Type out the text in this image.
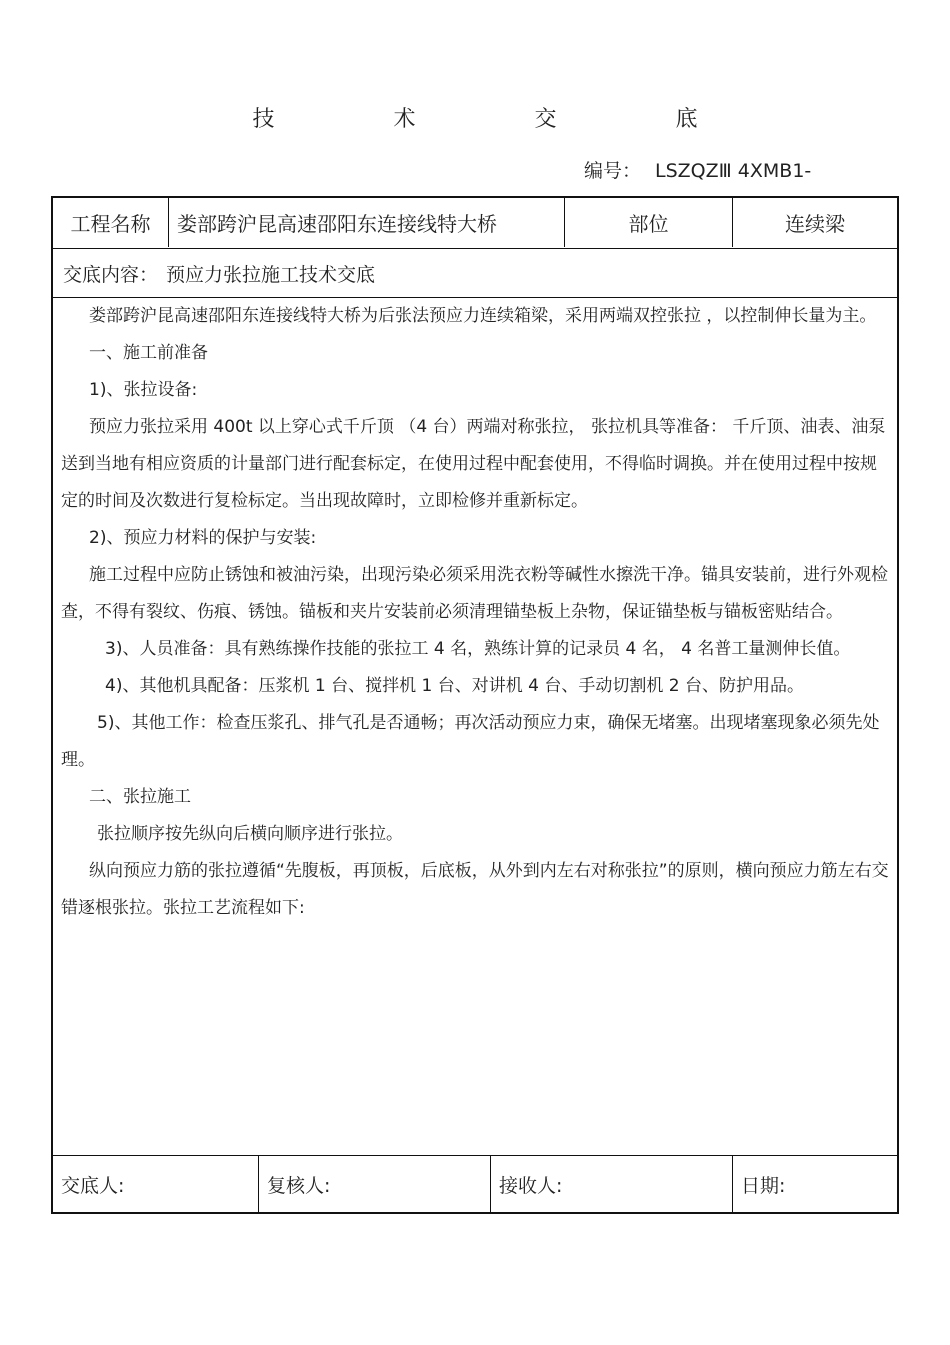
技 术 交 底
编号： LSZQZⅢ 4XMB1-
工程名称	娄部跨沪昆高速邵阳东连接线特大桥	部位	连续梁
交底内容： 预应力张拉施工技术交底

娄部跨沪昆高速邵阳东连接线特大桥为后张法预应力连续箱梁，采用两端双控张拉 ，以控制伸长量为主。

一、施工前准备

1)、张拉设备:

预应力张拉采用 400t 以上穿心式千斤顶 （4 台）两端对称张拉， 张拉机具等准备： 千斤顶、油表、油泵送到当地有相应资质的计量部门进行配套标定，在使用过程中配套使用，不得临时调换。并在使用过程中按规定的时间及次数进行复检标定。当出现故障时，立即检修并重新标定。

2)、预应力材料的保护与安装:

施工过程中应防止锈蚀和被油污染，出现污染必须采用洗衣粉等碱性水擦洗干净。锚具安装前，进行外观检查，不得有裂纹、伤痕、锈蚀。锚板和夹片安装前必须清理锚垫板上杂物，保证锚垫板与锚板密贴结合。

3)、人员准备：具有熟练操作技能的张拉工 4 名，熟练计算的记录员 4 名， 4 名普工量测伸长值。

4)、其他机具配备：压浆机 1 台、搅拌机 1 台、对讲机 4 台、手动切割机 2 台、防护用品。

5)、其他工作：检查压浆孔、排气孔是否通畅；再次活动预应力束，确保无堵塞。出现堵塞现象必须先处理。

二、张拉施工

张拉顺序按先纵向后横向顺序进行张拉。

纵向预应力筋的张拉遵循“先腹板，再顶板，后底板，从外到内左右对称张拉”的原则，横向预应力筋左右交错逐根张拉。张拉工艺流程如下:

交底人:	复核人:	接收人:	日期:
